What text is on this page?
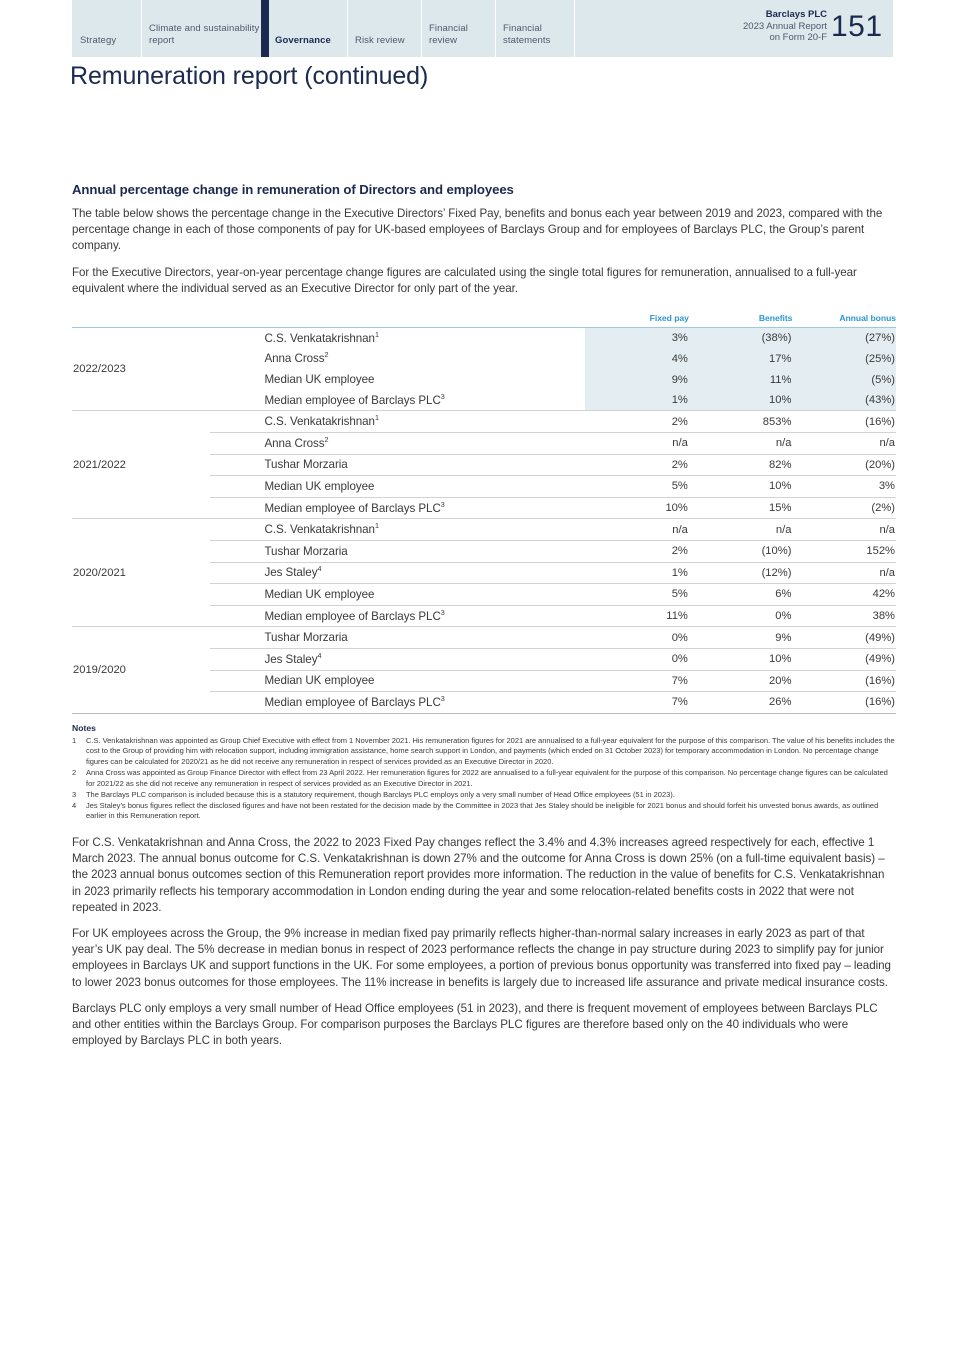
Strategy
Climate and sustainability report	Governance	Risk review
Financial review
Financial statements
Barclays PLC
2023 Annual Report
on Form 20-F 151
Remuneration report (continued)
Annual percentage change in remuneration of Directors and employees

The table below shows the percentage change in the Executive Directors’ Fixed Pay, benefits and bonus each year between 2019 and 2023, compared with the percentage change in each of those components of pay for UK-based employees of Barclays Group and for employees of Barclays PLC, the Group’s parent company.

For the Executive Directors, year-on-year percentage change figures are calculated using the single total figures for remuneration, annualised to a full-year equivalent where the individual served as an Executive Director for only part of the year.

		Fixed pay	Benefits	Annual bonus
2022/2023	C.S. Venkatakrishnan$^1$	3%	(38%)	(27%)
	Anna Cross$^2$	4%	17%	(25%)
	Median UK employee	9%	11%	(5%)
	Median employee of Barclays PLC$^3$	1%	10%	(43%)
2021/2022	C.S. Venkatakrishnan$^1$	2%	853%	(16%)
	Anna Cross$^2$	n/a	n/a	n/a
	Tushar Morzaria	2%	82%	(20%)
	Median UK employee	5%	10%	3%
	Median employee of Barclays PLC$^3$	10%	15%	(2%)
2020/2021	C.S. Venkatakrishnan$^1$	n/a	n/a	n/a
	Tushar Morzaria	2%	(10%)	152%
	Jes Staley$^4$	1%	(12%)	n/a
	Median UK employee	5%	6%	42%
	Median employee of Barclays PLC$^3$	11%	0%	38%
2019/2020	Tushar Morzaria	0%	9%	(49%)
	Jes Staley$^4$	0%	10%	(49%)
	Median UK employee	7%	20%	(16%)
	Median employee of Barclays PLC$^3$	7%	26%	(16%)
Notes
1	C.S. Venkatakrishnan was appointed as Group Chief Executive with effect from 1 November 2021. His remuneration figures for 2021 are annualised to a full-year equivalent for the purpose of this comparison. The value of his benefits includes the cost to the Group of providing him with relocation support, including immigration assistance, home search support in London, and payments (which ended on 31 October 2023) for temporary accommodation in London. No percentage change figures can be calculated for 2020/21 as he did not receive any remuneration in respect of services provided as an Executive Director in 2020.
2	Anna Cross was appointed as Group Finance Director with effect from 23 April 2022. Her remuneration figures for 2022 are annualised to a full-year equivalent for the purpose of this comparison. No percentage change figures can be calculated for 2021/22 as she did not receive any remuneration in respect of services provided as an Executive Director in 2021.
3	The Barclays PLC comparison is included because this is a statutory requirement, though Barclays PLC employs only a very small number of Head Office employees (51 in 2023).
4	Jes Staley’s bonus figures reflect the disclosed figures and have not been restated for the decision made by the Committee in 2023 that Jes Staley should be ineligible for 2021 bonus and should forfeit his unvested bonus awards, as outlined earlier in this Remuneration report.

For C.S. Venkatakrishnan and Anna Cross, the 2022 to 2023 Fixed Pay changes reflect the 3.4% and 4.3% increases agreed respectively for each, effective 1 March 2023. The annual bonus outcome for C.S. Venkatakrishnan is down 27% and the outcome for Anna Cross is down 25% (on a full-time equivalent basis) – the 2023 annual bonus outcomes section of this Remuneration report provides more information. The reduction in the value of benefits for C.S. Venkatakrishnan in 2023 primarily reflects his temporary accommodation in London ending during the year and some relocation-related benefits costs in 2022 that were not repeated in 2023.

For UK employees across the Group, the 9% increase in median fixed pay primarily reflects higher-than-normal salary increases in early 2023 as part of that year’s UK pay deal. The 5% decrease in median bonus in respect of 2023 performance reflects the change in pay structure during 2023 to simplify pay for junior employees in Barclays UK and support functions in the UK. For some employees, a portion of previous bonus opportunity was transferred into fixed pay – leading to lower 2023 bonus outcomes for those employees. The 11% increase in benefits is largely due to increased life assurance and private medical insurance costs.

Barclays PLC only employs a very small number of Head Office employees (51 in 2023), and there is frequent movement of employees between Barclays PLC and other entities within the Barclays Group. For comparison purposes the Barclays PLC figures are therefore based only on the 40 individuals who were employed by Barclays PLC in both years.
